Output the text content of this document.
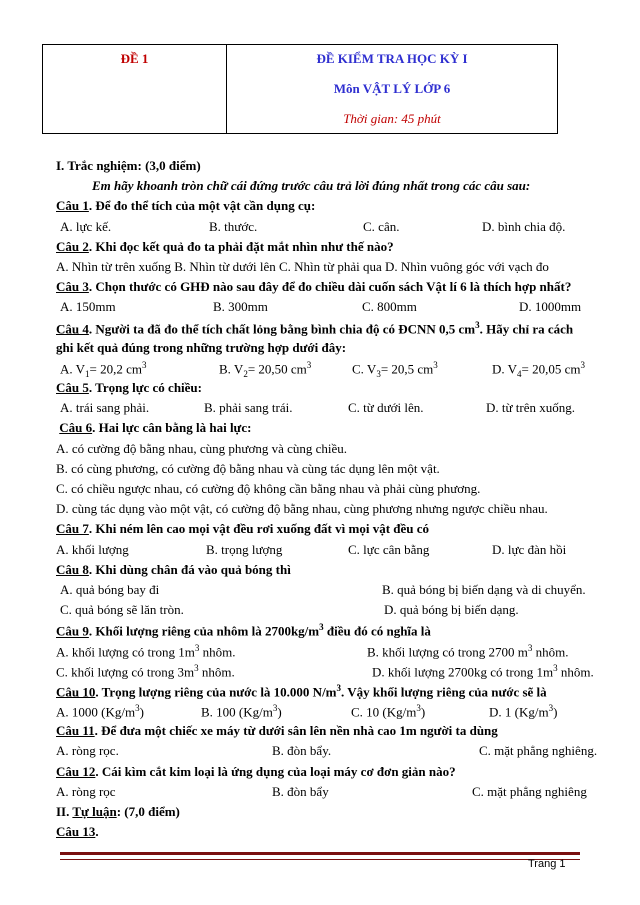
ĐỀ 1	ĐỀ KIỂM TRA HỌC KỲ I
Môn VẬT LÝ LỚP 6
Thời gian: 45 phút
I. Trắc nghiệm: (3,0 điểm)
Em hãy khoanh tròn chữ cái đứng trước câu trả lời đúng nhất trong các câu sau:
Câu 1. Để đo thể tích của một vật cần dụng cụ:
A. lực kế.	B. thước.	C. cân.	D. bình chia độ.
Câu 2. Khi đọc kết quả đo ta phải đặt mắt nhìn như thế nào?
A. Nhìn từ trên xuống B. Nhìn từ dưới lên C. Nhìn từ phải qua D. Nhìn vuông góc với vạch đo
Câu 3. Chọn thước có GHĐ nào sau đây để đo chiều dài cuốn sách Vật lí 6 là thích hợp nhất?
A. 150mm	B. 300mm	C. 800mm	D. 1000mm
Câu 4. Người ta đã đo thể tích chất lỏng bằng bình chia độ có ĐCNN 0,5 $cm^3$. Hãy chỉ ra cách
ghi kết quả đúng trong những trường hợp dưới đây:
A. $V_1= 20,2$ $cm^3$	B. $V_2= 20,50$ $cm^3$	C. $V_3= 20,5$ $cm^3$	D. $V_4= 20,05$ $cm^3$
Câu 5. Trọng lực có chiều:
A. trái sang phải.	B. phải sang trái.	C. từ dưới lên.	D. từ trên xuống.
Câu 6. Hai lực cân bằng là hai lực:
A. có cường độ bằng nhau, cùng phương và cùng chiều.
B. có cùng phương, có cường độ bằng nhau và cùng tác dụng lên một vật.
C. có chiều ngược nhau, có cường độ không cần bằng nhau và phải cùng phương.
D. cùng tác dụng vào một vật, có cường độ bằng nhau, cùng phương nhưng ngược chiều nhau.
Câu 7. Khi ném lên cao mọi vật đều rơi xuống đất vì mọi vật đều có
A. khối lượng	B. trọng lượng	C. lực cân bằng	D. lực đàn hồi
Câu 8. Khi dùng chân đá vào quả bóng thì
A. quả bóng bay đi	B. quả bóng bị biến dạng và di chuyển.
C. quả bóng sẽ lăn tròn.	D. quả bóng bị biến dạng.
Câu 9. Khối lượng riêng của nhôm là $2700kg/m^3$ điều đó có nghĩa là
A. khối lượng có trong $1m^3$ nhôm.	B. khối lượng có trong 2700 $m^3$ nhôm.
C. khối lượng có trong $3m^3$ nhôm.	D. khối lượng 2700kg có trong $1m^3$ nhôm.
Câu 10. Trọng lượng riêng của nước là 10.000 $N/m^3$. Vậy khối lượng riêng của nước sẽ là
A. 1000 $(Kg/m^3)$	B. 100 $(Kg/m^3)$	C. 10 $(Kg/m^3)$	D. 1 $(Kg/m^3)$
Câu 11. Để đưa một chiếc xe máy từ dưới sân lên nền nhà cao 1m người ta dùng
A. ròng rọc.	B. đòn bẩy.	C. mặt phẳng nghiêng.
Câu 12. Cái kìm cắt kim loại là ứng dụng của loại máy cơ đơn giản nào?
A. ròng rọc	B. đòn bẩy	C. mặt phẳng nghiêng
II. Tự luận: (7,0 điểm)
Câu 13.
Trang 1
